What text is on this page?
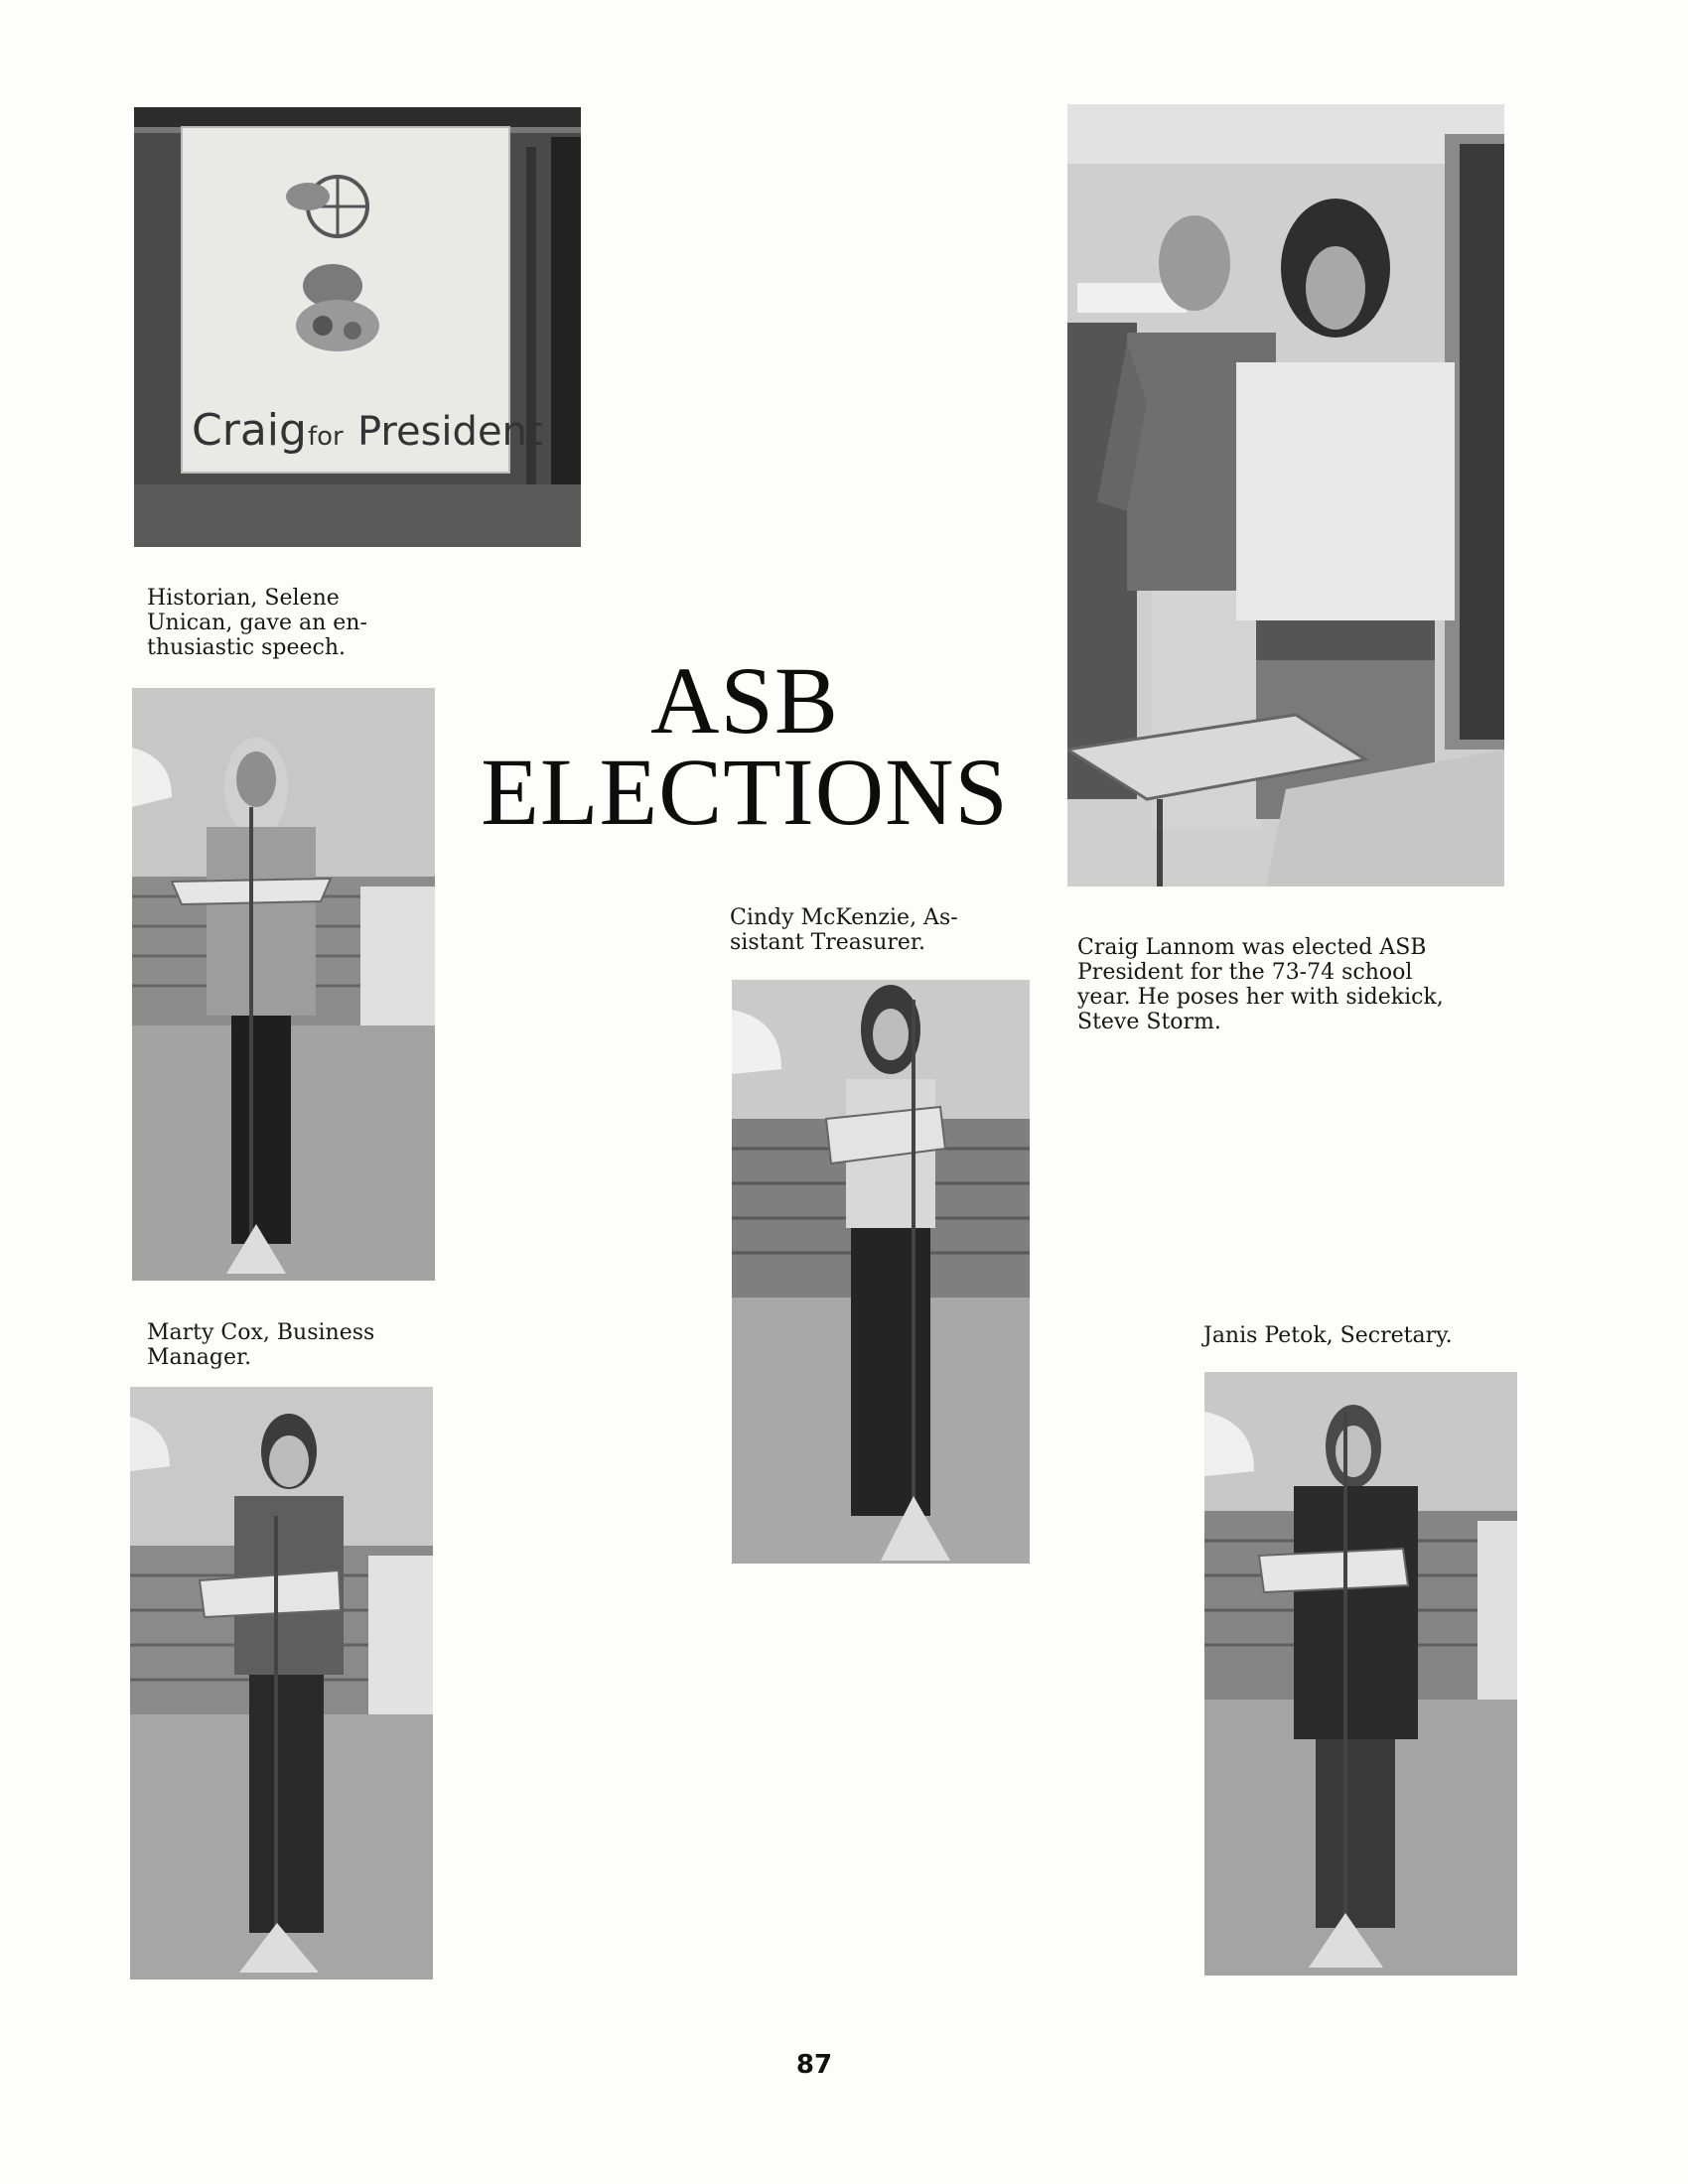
Craig for President
ASB
ELECTIONS
Historian, Selene
Unican, gave an en-
thusiastic speech.
Cindy McKenzie, As-
sistant Treasurer.	Craig Lannom was elected ASB
President for the 73-74 school
year. He poses her with sidekick,
Steve Storm.
Marty Cox, Business
Manager.
Janis Petok, Secretary.
87
